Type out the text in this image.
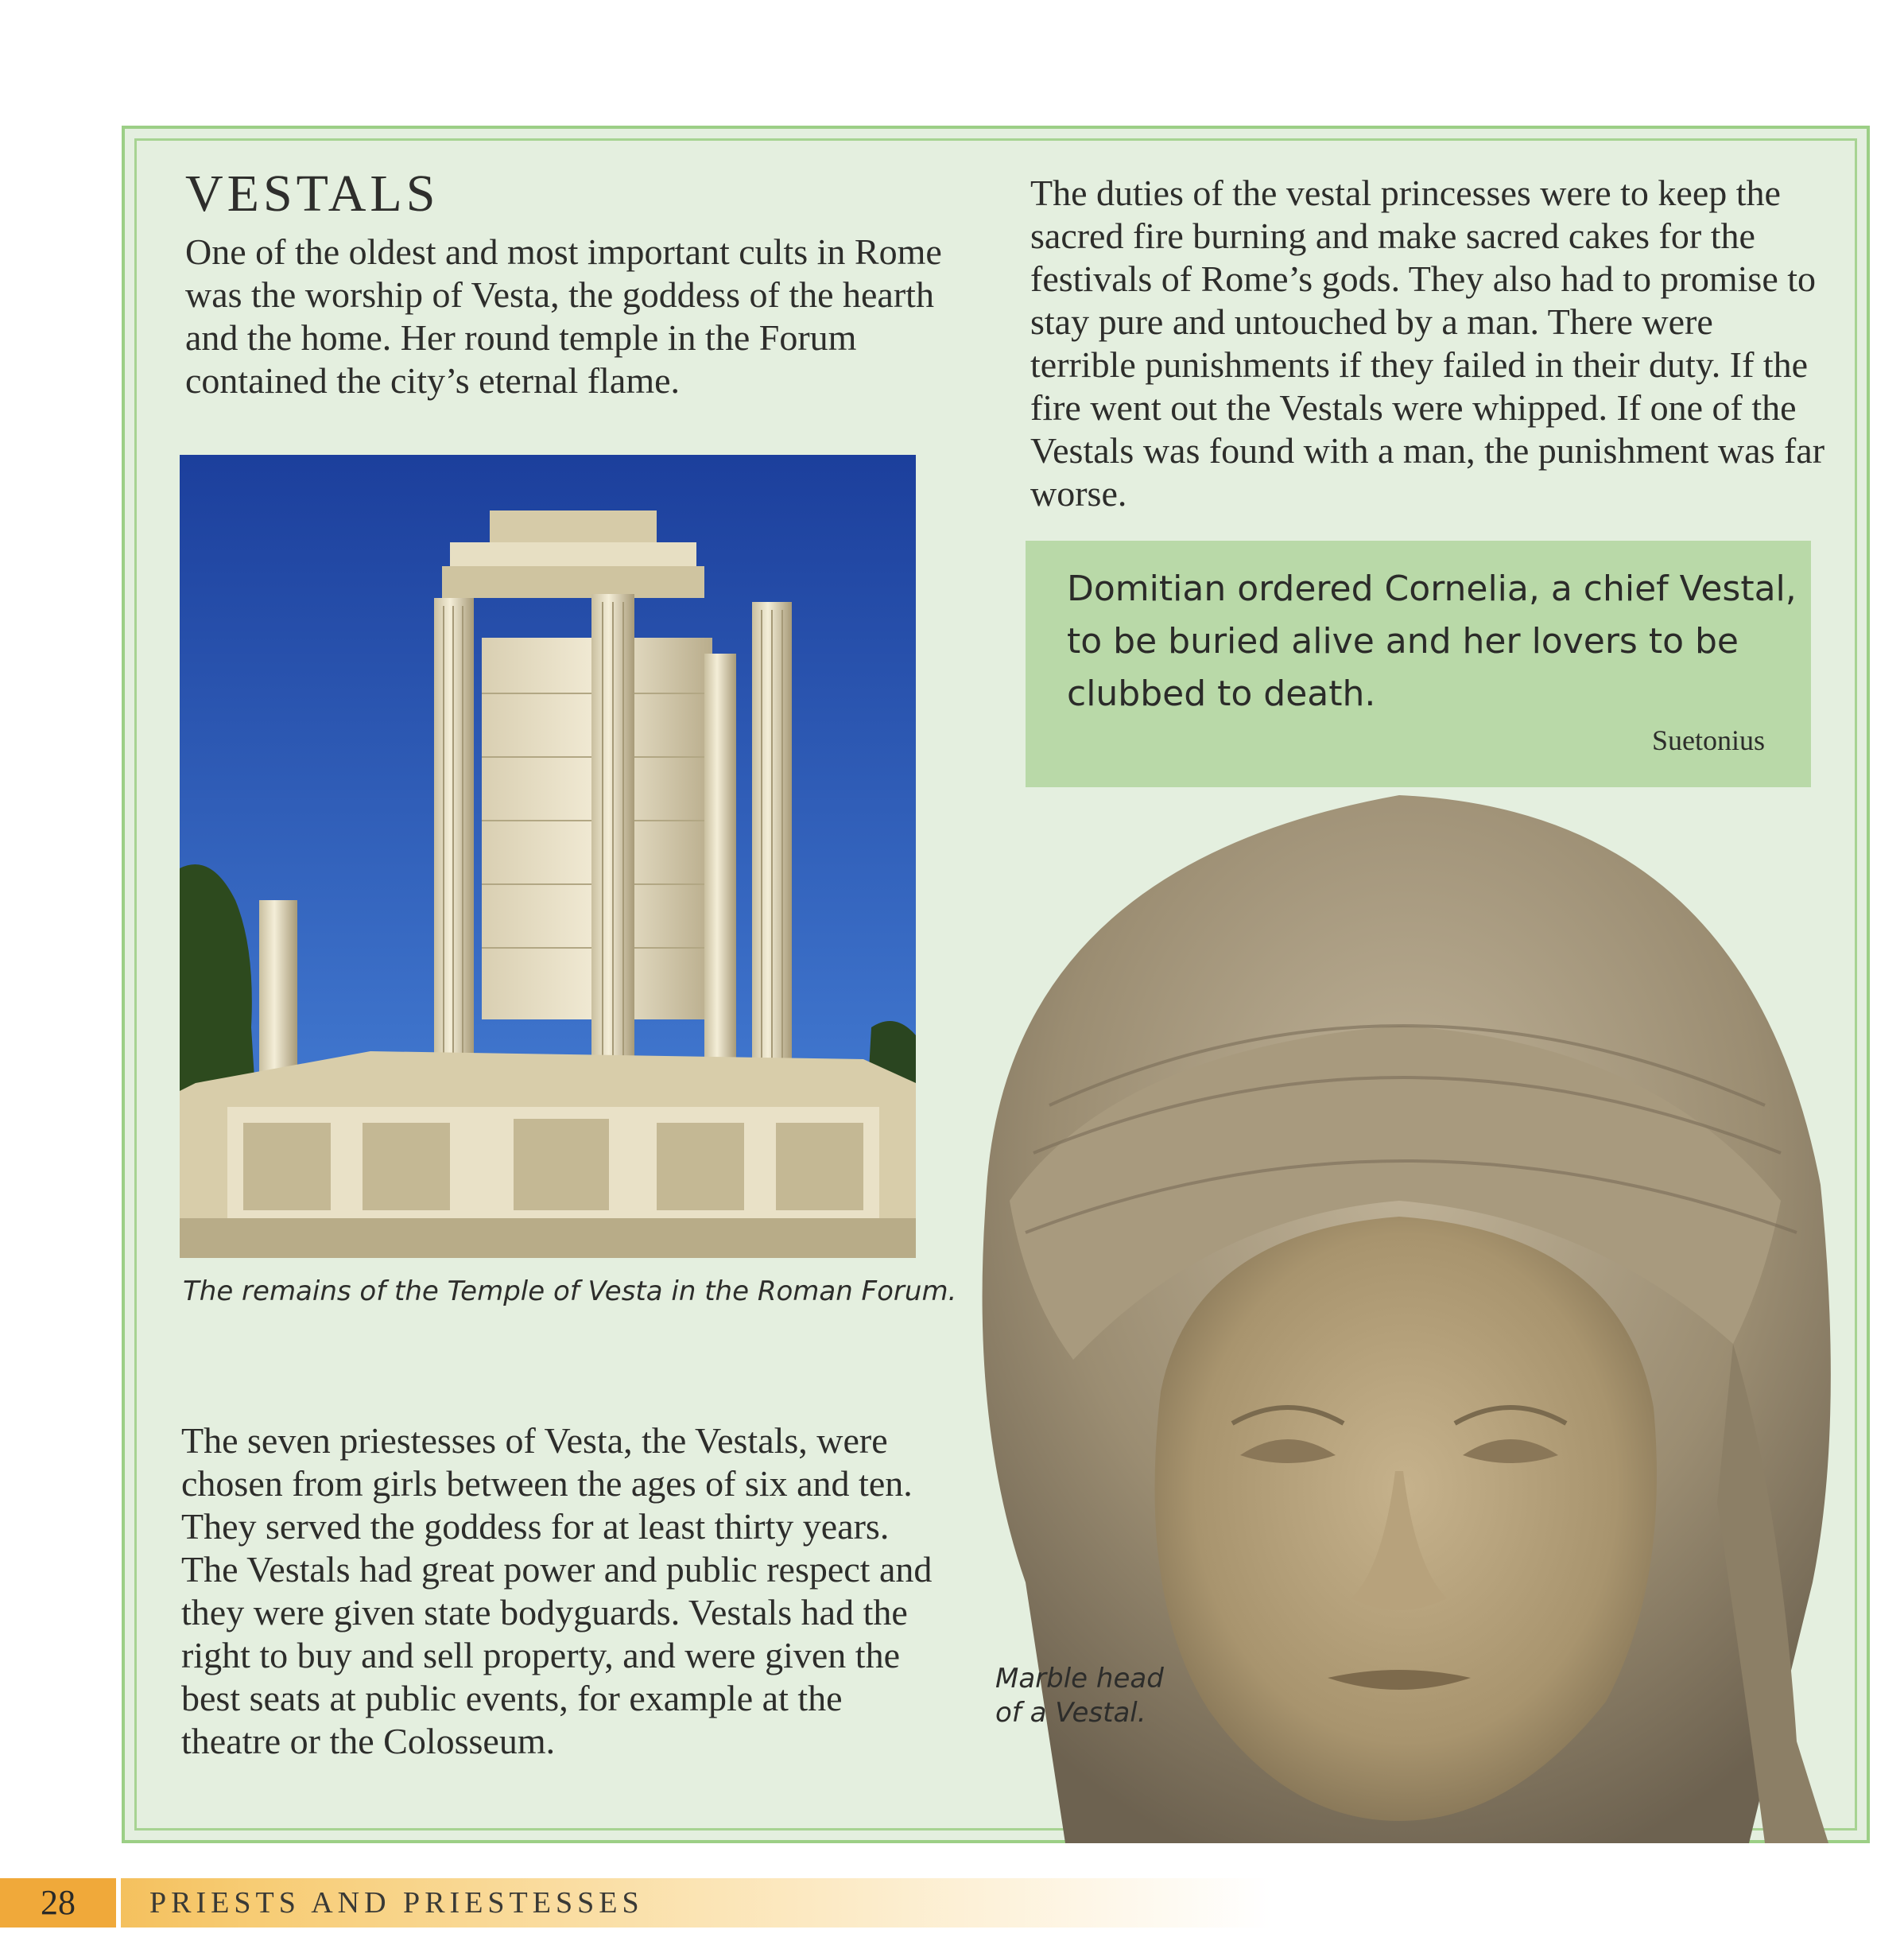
VESTALS

One of the oldest and most important cults in Rome was the worship of Vesta, the goddess of the hearth and the home. Her round temple in the Forum contained the city’s eternal flame.

The remains of the Temple of Vesta in the Roman Forum.

The seven priestesses of Vesta, the Vestals, were chosen from girls between the ages of six and ten. They served the goddess for at least thirty years. The Vestals had great power and public respect and they were given state bodyguards. Vestals had the right to buy and sell property, and were given the best seats at public events, for example at the theatre or the Colosseum.

The duties of the vestal princesses were to keep the sacred fire burning and make sacred cakes for the festivals of Rome’s gods. They also had to promise to stay pure and untouched by a man. There were terrible punishments if they failed in their duty. If the fire went out the Vestals were whipped. If one of the Vestals was found with a man, the punishment was far worse.

Domitian ordered Cornelia, a chief Vestal, to be buried alive and her lovers to be clubbed to death.

Suetonius

Marble head of a Vestal.

28	PRIESTS AND PRIESTESSES
